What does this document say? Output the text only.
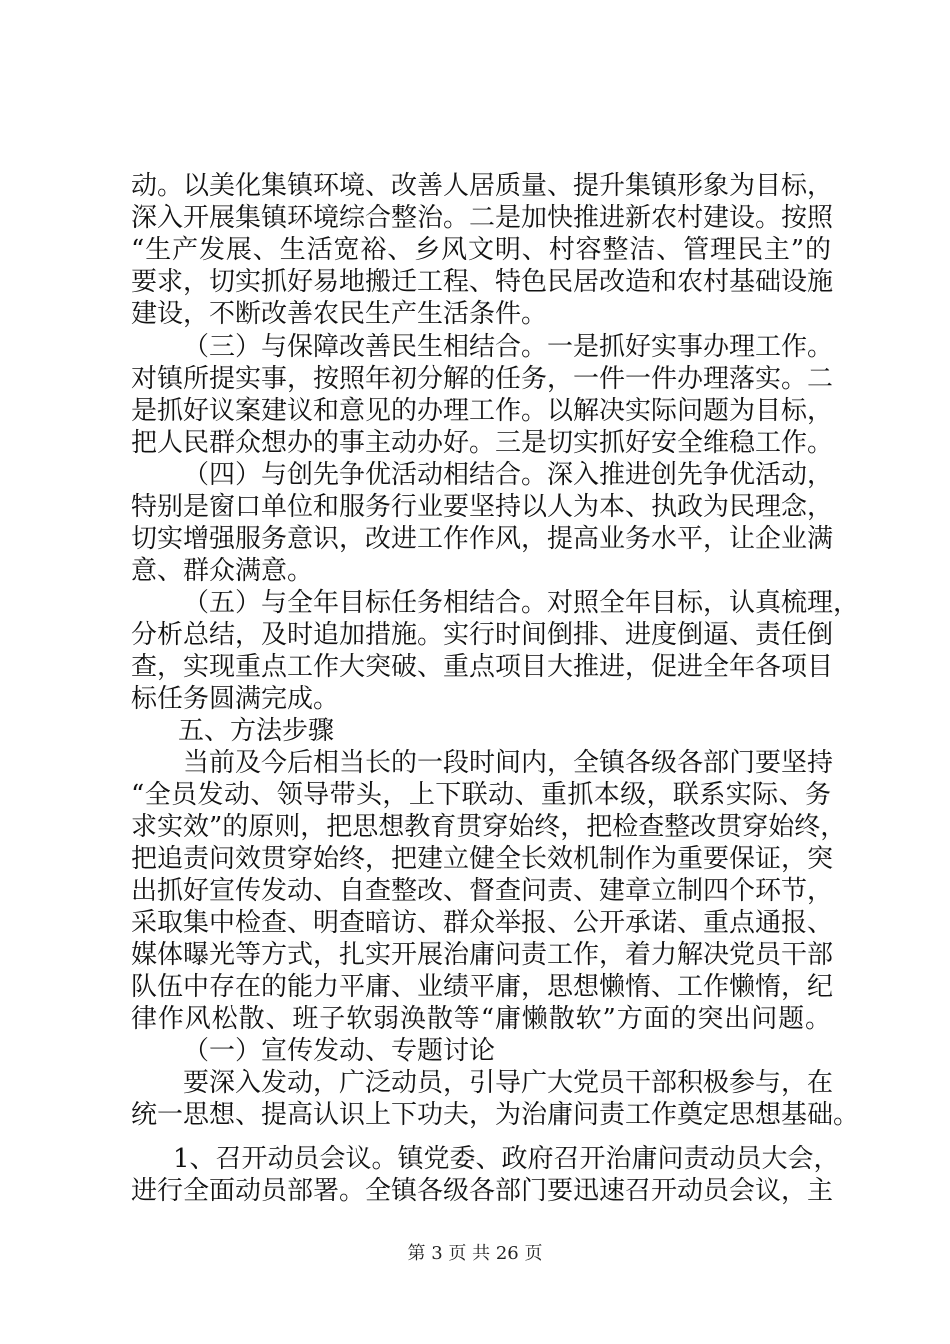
动。以美化集镇环境、改善人居质量、提升集镇形象为目标，
深入开展集镇环境综合整治。二是加快推进新农村建设。按照
“生产发展、生活宽裕、乡风文明、村容整洁、管理民主”的
要求，切实抓好易地搬迁工程、特色民居改造和农村基础设施
建设，不断改善农民生产生活条件。
（三）与保障改善民生相结合。一是抓好实事办理工作。
对镇所提实事，按照年初分解的任务，一件一件办理落实。二
是抓好议案建议和意见的办理工作。以解决实际问题为目标，
把人民群众想办的事主动办好。三是切实抓好安全维稳工作。
（四）与创先争优活动相结合。深入推进创先争优活动，
特别是窗口单位和服务行业要坚持以人为本、执政为民理念，
切实增强服务意识，改进工作作风，提高业务水平，让企业满
意、群众满意。
（五）与全年目标任务相结合。对照全年目标，认真梳理，
分析总结，及时追加措施。实行时间倒排、进度倒逼、责任倒
查，实现重点工作大突破、重点项目大推进，促进全年各项目
标任务圆满完成。
五、方法步骤
当前及今后相当长的一段时间内，全镇各级各部门要坚持
“全员发动、领导带头，上下联动、重抓本级，联系实际、务
求实效”的原则，把思想教育贯穿始终，把检查整改贯穿始终，
把追责问效贯穿始终，把建立健全长效机制作为重要保证，突
出抓好宣传发动、自查整改、督查问责、建章立制四个环节，
采取集中检查、明查暗访、群众举报、公开承诺、重点通报、
媒体曝光等方式，扎实开展治庸问责工作，着力解决党员干部
队伍中存在的能力平庸、业绩平庸，思想懒惰、工作懒惰，纪
律作风松散、班子软弱涣散等“庸懒散软”方面的突出问题。
（一）宣传发动、专题讨论
要深入发动，广泛动员，引导广大党员干部积极参与，在
统一思想、提高认识上下功夫，为治庸问责工作奠定思想基础。
1、召开动员会议。镇党委、政府召开治庸问责动员大会，
进行全面动员部署。全镇各级各部门要迅速召开动员会议，主
第 3 页 共 26 页
